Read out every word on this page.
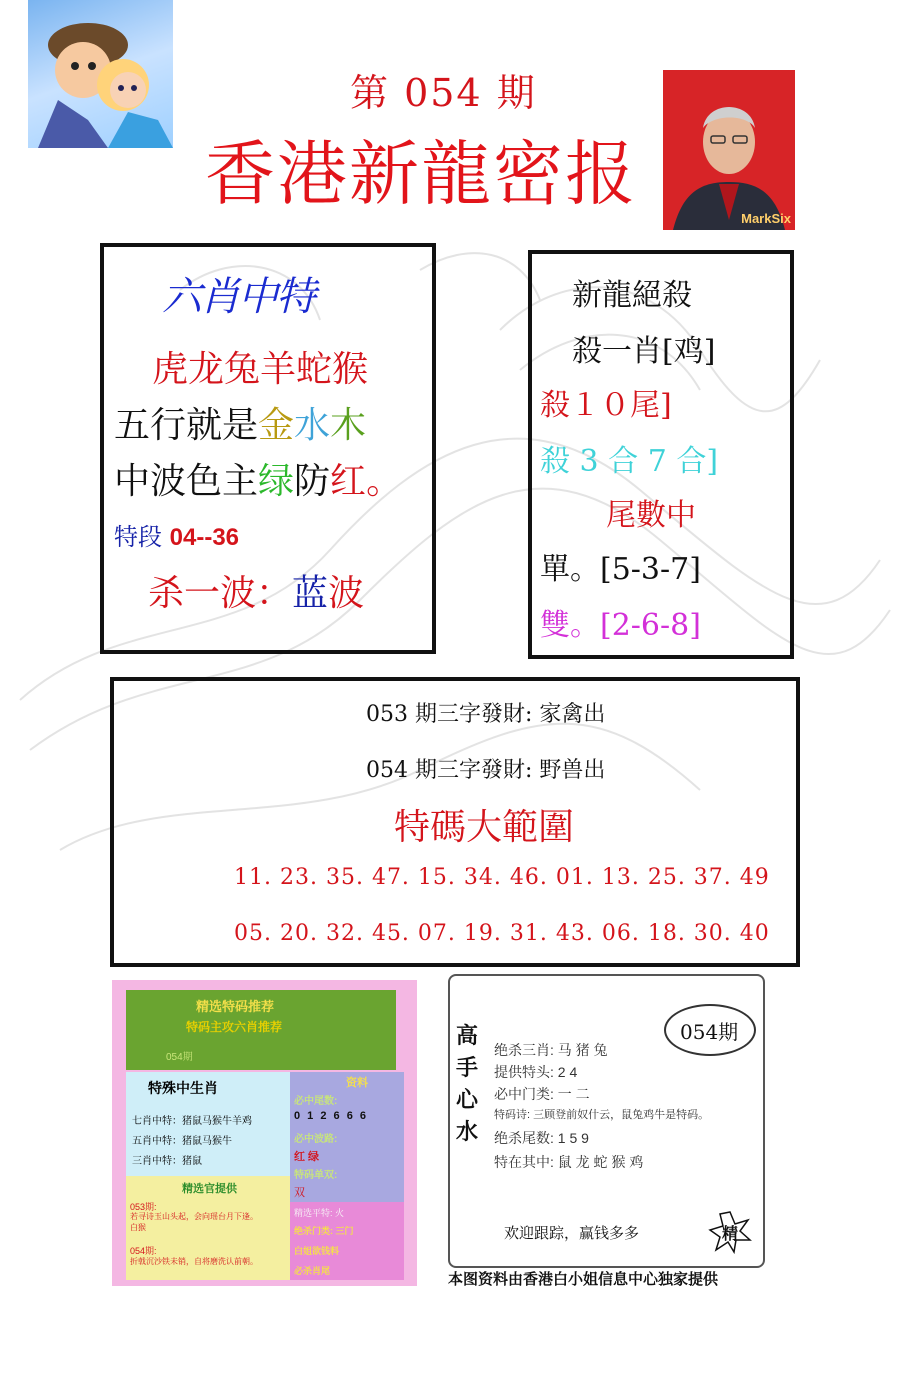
第 054 期
香港新龍密报
MarkSix
六肖中特
虎龙兔羊蛇猴
五行就是金水木
中波色主绿防红。
特段 04--36
杀一波：蓝波
新龍絕殺
殺一肖[鸡]
殺１０尾]
殺 3 合 7 合]
尾數中
單。[5-3-7]
雙。[2-6-8]
053 期三字發財: 家禽出
054 期三字發財: 野兽出
特碼大範圍
11. 23. 35. 47. 15. 34. 46. 01. 13. 25. 37. 49
05. 20. 32. 45. 07. 19. 31. 43. 06. 18. 30. 40
精选特码推荐
特码主攻六肖推荐
054期
特殊中生肖
七肖中特：猪鼠马猴牛羊鸡
五肖中特：猪鼠马猴牛
三肖中特：猪鼠
精选官提供
053期:
若寻诗玉山头起，会向瑶台月下逢。
白猴
054期:
折戟沉沙铁未销，自将磨洗认前朝。
资料
必中尾数:
0 1 2 6 6 6
必中波路:
红 绿
特码单双:
双
精选平特: 火
绝杀门类: 三门
白姐欲钱料
必杀肖尾
高手心水
054期
绝杀三肖: 马 猪 兔
提供特头: 2 4
必中门类: 一 二
特码诗: 三顾登前奴什云，鼠兔鸡牛是特码。
绝杀尾数: 1 5 9
特在其中: 鼠 龙 蛇 猴 鸡
欢迎跟踪，赢钱多多	精
本图资料由香港白小姐信息中心独家提供
